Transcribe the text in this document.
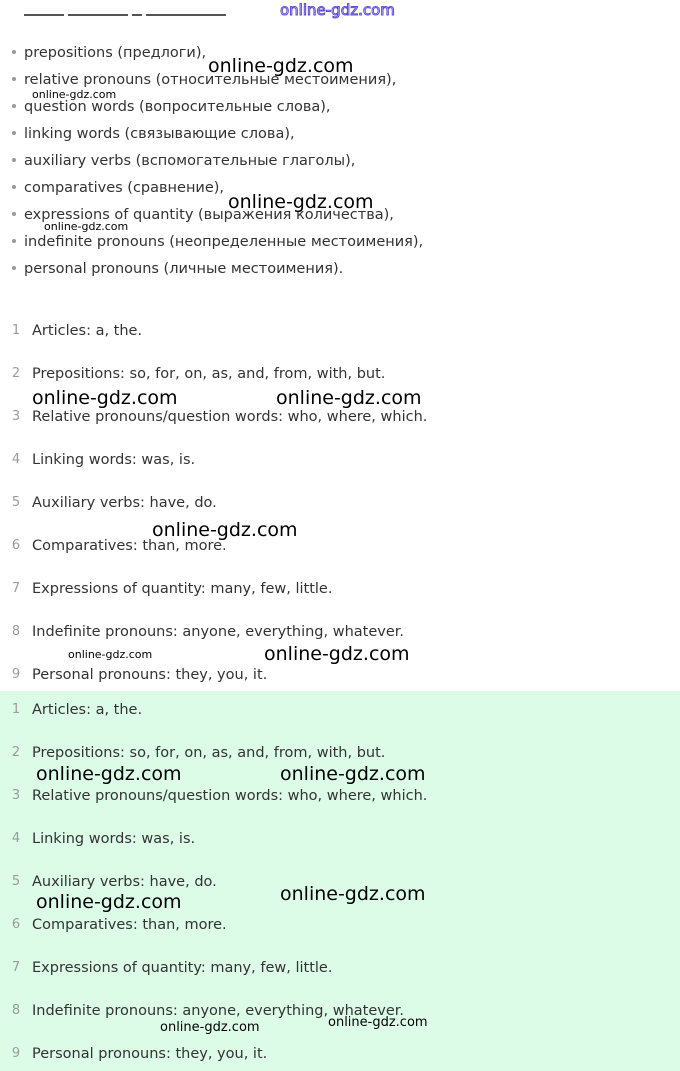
online-gdz.com
prepositions (предлоги),
relative pronouns (относительные местоимения),
question words (вопросительные слова),
linking words (связывающие слова),
auxiliary verbs (вспомогательные глаголы),
comparatives (сравнение),
expressions of quantity (выражения количества),
indefinite pronouns (неопределенные местоимения),
personal pronouns (личные местоимения).
1 Articles: a, the.
2 Prepositions: so, for, on, as, and, from, with, but.
3 Relative pronouns/question words: who, where, which.
4 Linking words: was, is.
5 Auxiliary verbs: have, do.
6 Comparatives: than, more.
7 Expressions of quantity: many, few, little.
8 Indefinite pronouns: anyone, everything, whatever.
9 Personal pronouns: they, you, it.
1 Articles: a, the.
2 Prepositions: so, for, on, as, and, from, with, but.
3 Relative pronouns/question words: who, where, which.
4 Linking words: was, is.
5 Auxiliary verbs: have, do.
6 Comparatives: than, more.
7 Expressions of quantity: many, few, little.
8 Indefinite pronouns: anyone, everything, whatever.
9 Personal pronouns: they, you, it.
online-gdz.com
online-gdz.com
online-gdz.com
online-gdz.com
online-gdz.com	online-gdz.com
online-gdz.com
online-gdz.com	online-gdz.com
online-gdz.com	online-gdz.com
online-gdz.com
online-gdz.com
online-gdz.com	online-gdz.com
